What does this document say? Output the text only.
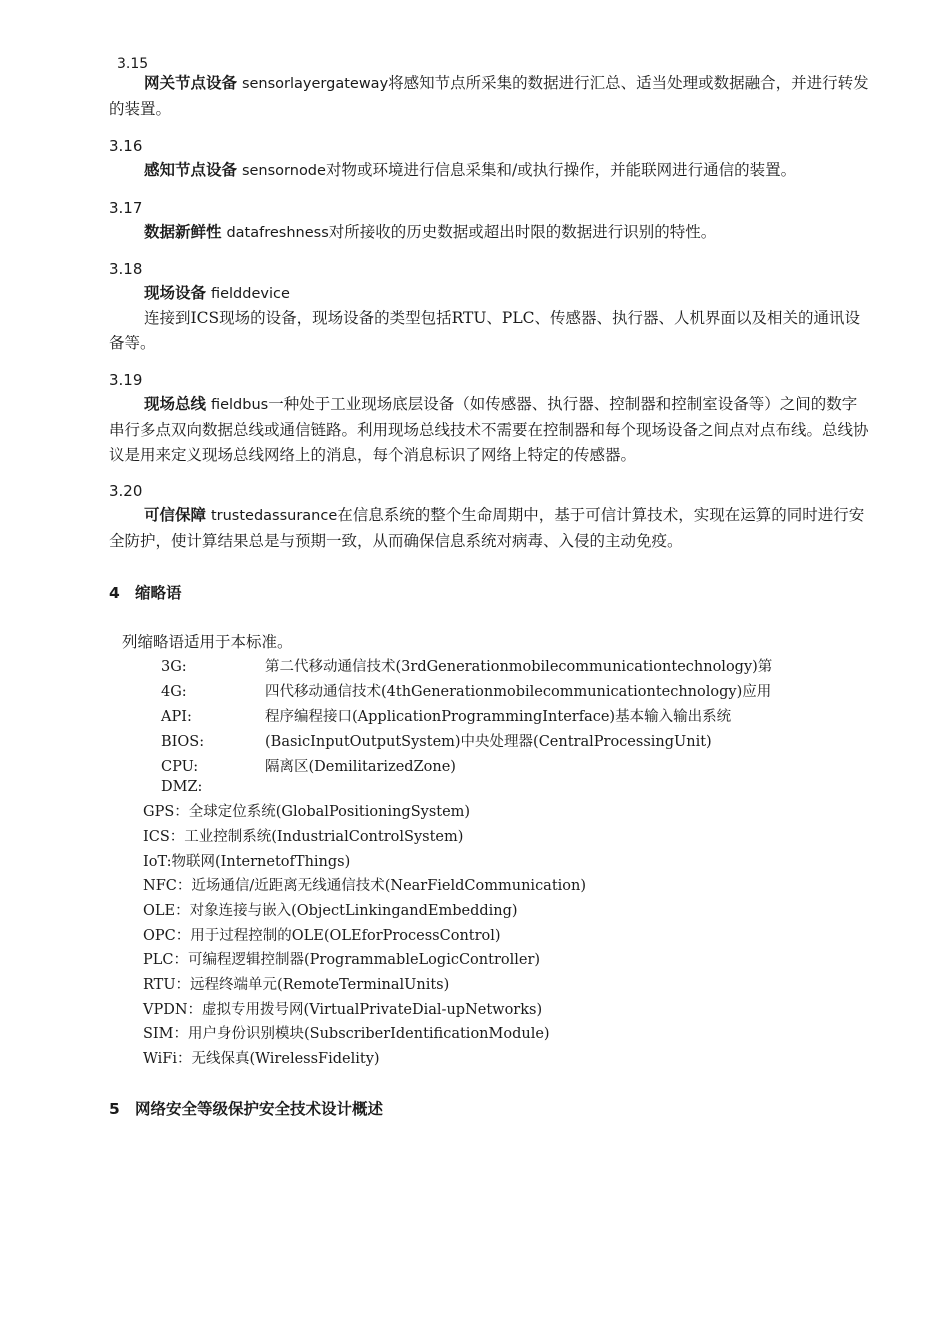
3.15
网关节点设备 sensorlayergateway将感知节点所采集的数据进行汇总、适当处理或数据融合，并进行转发的装置。
3.16
感知节点设备 sensornode对物或环境进行信息采集和/或执行操作，并能联网进行通信的装置。
3.17
数据新鲜性 datafreshness对所接收的历史数据或超出时限的数据进行识别的特性。
3.18
现场设备 fielddevice
连接到ICS现场的设备，现场设备的类型包括RTU、PLC、传感器、执行器、人机界面以及相关的通讯设备等。
3.19
现场总线 fieldbus一种处于工业现场底层设备（如传感器、执行器、控制器和控制室设备等）之间的数字串行多点双向数据总线或通信链路。利用现场总线技术不需要在控制器和每个现场设备之间点对点布线。总线协议是用来定义现场总线网络上的消息，每个消息标识了网络上特定的传感器。
3.20
可信保障 trustedassurance在信息系统的整个生命周期中，基于可信计算技术，实现在运算的同时进行安全防护，使计算结果总是与预期一致，从而确保信息系统对病毒、入侵的主动免疫。
4 缩略语
列缩略语适用于本标准。
3G:	第二代移动通信技术(3rdGenerationmobilecommunicationtechnology)第
4G:	四代移动通信技术(4thGenerationmobilecommunicationtechnology)应用
API:	程序编程接口(ApplicationProgrammingInterface)基本输入输出系统
BIOS:	(BasicInputOutputSystem)中央处理器(CentralProcessingUnit)
CPU:	隔离区(DemilitarizedZone)
DMZ:
GPS：全球定位系统(GlobalPositioningSystem)
ICS：工业控制系统(IndustrialControlSystem)
IoT:物联网(InternetofThings)
NFC：近场通信/近距离无线通信技术(NearFieldCommunication)
OLE：对象连接与嵌入(ObjectLinkingandEmbedding)
OPC：用于过程控制的OLE(OLEforProcessControl)
PLC：可编程逻辑控制器(ProgrammableLogicController)
RTU：远程终端单元(RemoteTerminalUnits)
VPDN：虚拟专用拨号网(VirtualPrivateDial-upNetworks)
SIM：用户身份识别模块(SubscriberIdentificationModule)
WiFi：无线保真(WirelessFidelity)
5 网络安全等级保护安全技术设计概述
